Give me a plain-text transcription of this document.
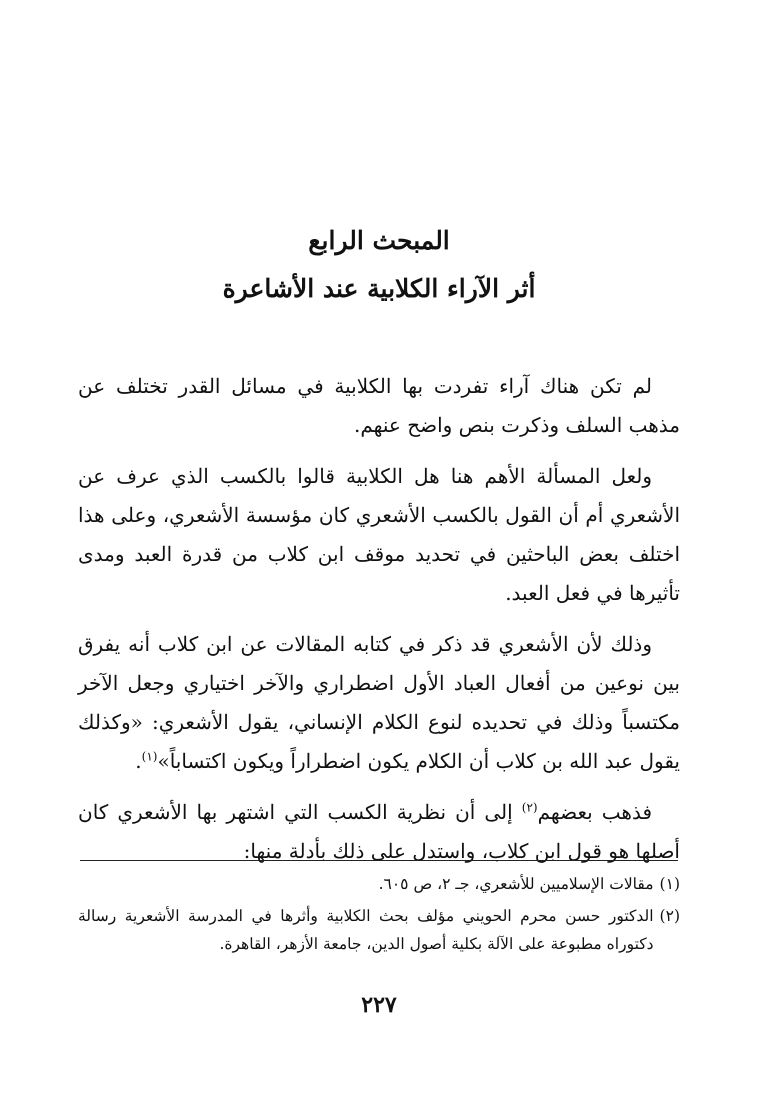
المبحث الرابع
أثر الآراء الكلابية عند الأشاعرة

لم تكن هناك آراء تفردت بها الكلابية في مسائل القدر تختلف عن مذهب السلف وذكرت بنص واضح عنهم.

ولعل المسألة الأهم هنا هل الكلابية قالوا بالكسب الذي عرف عن الأشعري أم أن القول بالكسب الأشعري كان مؤسسة الأشعري، وعلى هذا اختلف بعض الباحثين في تحديد موقف ابن كلاب من قدرة العبد ومدى تأثيرها في فعل العبد.

وذلك لأن الأشعري قد ذكر في كتابه المقالات عن ابن كلاب أنه يفرق بين نوعين من أفعال العباد الأول اضطراري والآخر اختياري وجعل الآخر مكتسباً وذلك في تحديده لنوع الكلام الإنساني، يقول الأشعري: «وكذلك يقول عبد الله بن كلاب أن الكلام يكون اضطراراً ويكون اكتساباً»$^{(١)}$.

فذهب بعضهم$^{(٢)}$ إلى أن نظرية الكسب التي اشتهر بها الأشعري كان أصلها هو قول ابن كلاب، واستدل على ذلك بأدلة منها:

(١)
مقالات الإسلاميين للأشعري، جـ ٢، ص ٦٠٥.
(٢)
الدكتور حسن محرم الحويني مؤلف بحث الكلابية وأثرها في المدرسة الأشعرية رسالة دكتوراه مطبوعة على الآلة بكلية أصول الدين، جامعة الأزهر، القاهرة.
٢٢٧
